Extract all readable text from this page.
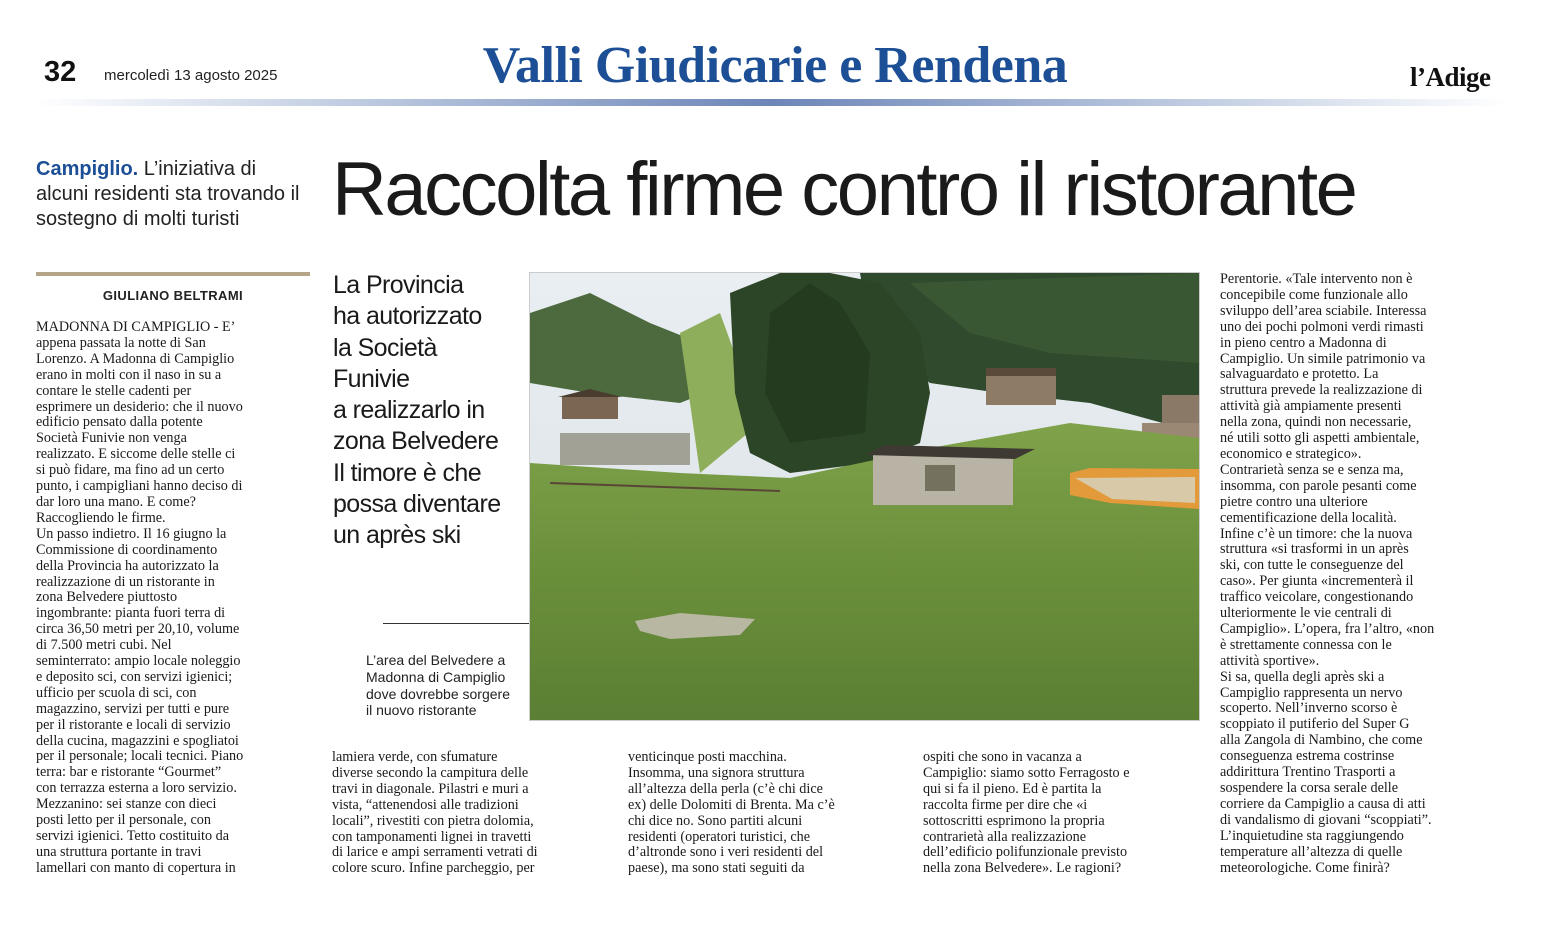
32 mercoledì 13 agosto 2025	Valli Giudicarie e Rendena	l’Adige
Campiglio. L’iniziativa di alcuni residenti sta trovando il sostegno di molti turisti	Raccolta firme contro il ristorante
GIULIANO BELTRAMI
MADONNA DI CAMPIGLIO - E’
appena passata la notte di San
Lorenzo. A Madonna di Campiglio
erano in molti con il naso in su a
contare le stelle cadenti per
esprimere un desiderio: che il nuovo
edificio pensato dalla potente
Società Funivie non venga
realizzato. E siccome delle stelle ci
si può fidare, ma fino ad un certo
punto, i campigliani hanno deciso di
dar loro una mano. E come?
Raccogliendo le firme.
Un passo indietro. Il 16 giugno la
Commissione di coordinamento
della Provincia ha autorizzato la
realizzazione di un ristorante in
zona Belvedere piuttosto
ingombrante: pianta fuori terra di
circa 36,50 metri per 20,10, volume
di 7.500 metri cubi. Nel
seminterrato: ampio locale noleggio
e deposito sci, con servizi igienici;
ufficio per scuola di sci, con
magazzino, servizi per tutti e pure
per il ristorante e locali di servizio
della cucina, magazzini e spogliatoi
per il personale; locali tecnici. Piano
terra: bar e ristorante “Gourmet”
con terrazza esterna a loro servizio.
Mezzanino: sei stanze con dieci
posti letto per il personale, con
servizi igienici. Tetto costituito da
una struttura portante in travi
lamellari con manto di copertura in
La Provincia
ha autorizzato
la Società
Funivie
a realizzarlo in
zona Belvedere
Il timore è che
possa diventare
un après ski
L’area del Belvedere a
Madonna di Campiglio
dove dovrebbe sorgere
il nuovo ristorante
lamiera verde, con sfumature
diverse secondo la campitura delle
travi in diagonale. Pilastri e muri a
vista, “attenendosi alle tradizioni
locali”, rivestiti con pietra dolomia,
con tamponamenti lignei in travetti
di larice e ampi serramenti vetrati di
colore scuro. Infine parcheggio, per
venticinque posti macchina.
Insomma, una signora struttura
all’altezza della perla (c’è chi dice
ex) delle Dolomiti di Brenta. Ma c’è
chi dice no. Sono partiti alcuni
residenti (operatori turistici, che
d’altronde sono i veri residenti del
paese), ma sono stati seguiti da
ospiti che sono in vacanza a
Campiglio: siamo sotto Ferragosto e
qui si fa il pieno. Ed è partita la
raccolta firme per dire che «i
sottoscritti esprimono la propria
contrarietà alla realizzazione
dell’edificio polifunzionale previsto
nella zona Belvedere». Le ragioni?
Perentorie. «Tale intervento non è
concepibile come funzionale allo
sviluppo dell’area sciabile. Interessa
uno dei pochi polmoni verdi rimasti
in pieno centro a Madonna di
Campiglio. Un simile patrimonio va
salvaguardato e protetto. La
struttura prevede la realizzazione di
attività già ampiamente presenti
nella zona, quindi non necessarie,
né utili sotto gli aspetti ambientale,
economico e strategico».
Contrarietà senza se e senza ma,
insomma, con parole pesanti come
pietre contro una ulteriore
cementificazione della località.
Infine c’è un timore: che la nuova
struttura «si trasformi in un après
ski, con tutte le conseguenze del
caso». Per giunta «incrementerà il
traffico veicolare, congestionando
ulteriormente le vie centrali di
Campiglio». L’opera, fra l’altro, «non
è strettamente connessa con le
attività sportive».
Si sa, quella degli après ski a
Campiglio rappresenta un nervo
scoperto. Nell’inverno scorso è
scoppiato il putiferio del Super G
alla Zangola di Nambino, che come
conseguenza estrema costrinse
addirittura Trentino Trasporti a
sospendere la corsa serale delle
corriere da Campiglio a causa di atti
di vandalismo di giovani “scoppiati”.
L’inquietudine sta raggiungendo
temperature all’altezza di quelle
meteorologiche. Come finirà?
